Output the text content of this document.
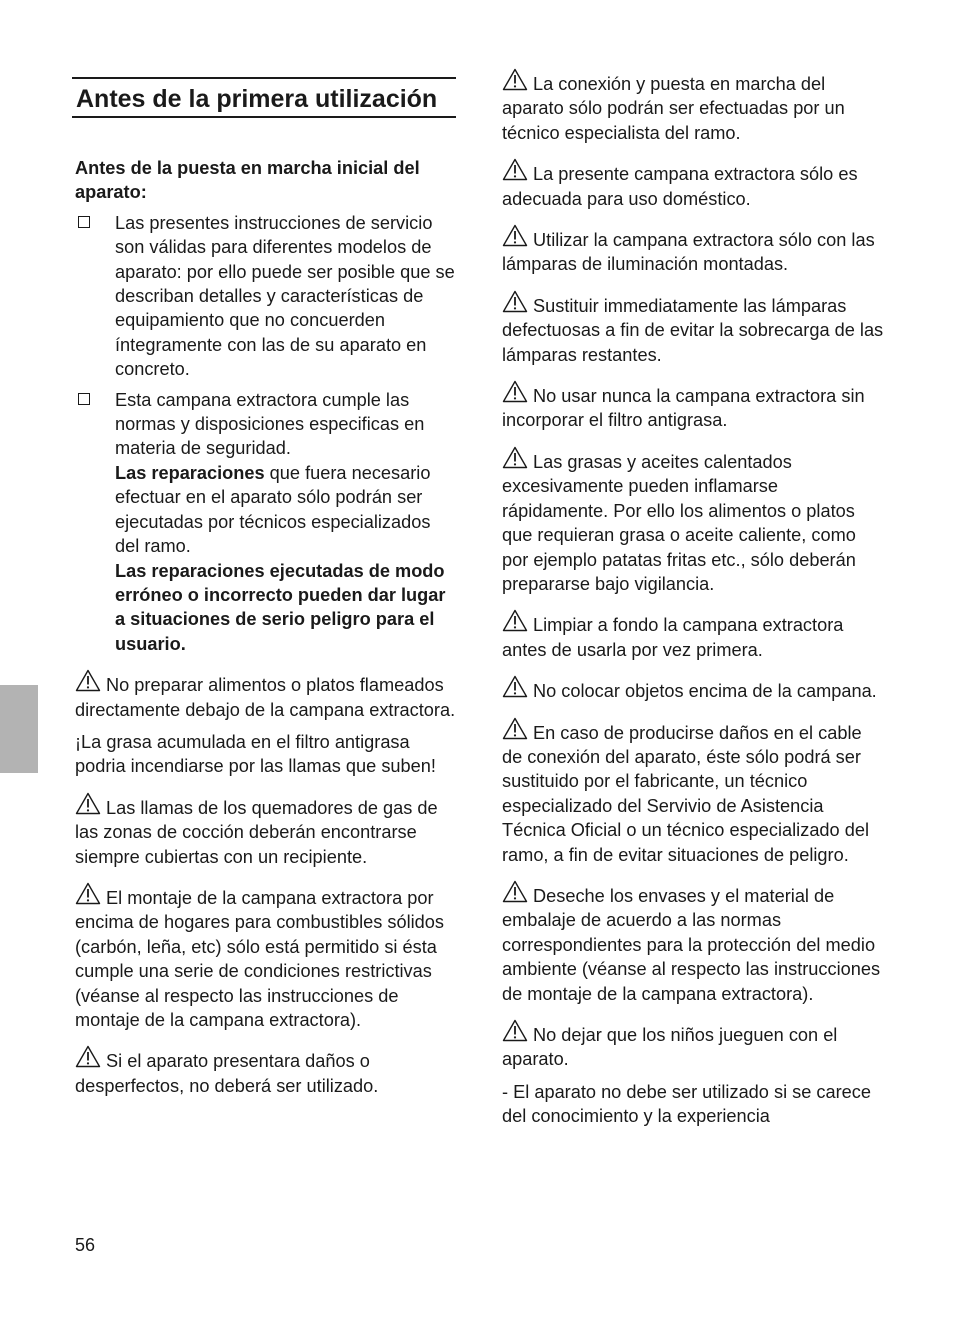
Antes de la primera utilización

Antes de la puesta en marcha inicial del aparato:

Las presentes instrucciones de servicio son válidas para diferentes modelos de aparato: por ello puede ser posible que se describan detalles y características de equipamiento que no concuerden íntegramente con las de su aparato en concreto.

Esta campana extractora cumple las normas y disposiciones especificas en materia de seguridad.

Las reparaciones que fuera necesario efectuar en el aparato sólo podrán ser ejecutadas por técnicos especializados del ramo.

Las reparaciones ejecutadas de modo erróneo o incorrecto pueden dar lugar a situaciones de serio peligro para el usuario.

No preparar alimentos o platos flameados directamente debajo de la campana extractora.

¡La grasa acumulada en el filtro antigrasa podria incendiarse por las llamas que suben!

Las llamas de los quemadores de gas de las zonas de cocción deberán encontrarse siempre cubiertas con un recipiente.

El montaje de la campana extractora por encima de hogares para combustibles sólidos (carbón, leña, etc) sólo está permitido si ésta cumple una serie de condiciones restrictivas (véanse al respecto las instrucciones de montaje de la campana extractora).

Si el aparato presentara daños o desperfectos, no deberá ser utilizado.

La conexión y puesta en marcha del aparato sólo podrán ser efectuadas por un técnico especialista del ramo.

La presente campana extractora sólo es adecuada para uso doméstico.

Utilizar la campana extractora sólo con las lámparas de iluminación montadas.

Sustituir immediatamente las lámparas defectuosas a fin de evitar la sobrecarga de las lámparas restantes.

No usar nunca la campana extractora sin incorporar el filtro antigrasa.

Las grasas y aceites calentados excesivamente pueden inflamarse rápidamente. Por ello los alimentos o platos que requieran grasa o aceite caliente, como por ejemplo patatas fritas etc., sólo deberán prepararse bajo vigilancia.

Limpiar a fondo la campana extractora antes de usarla por vez primera.

No colocar objetos encima de la campana.

En caso de producirse daños en el cable de conexión del aparato, éste sólo podrá ser sustituido por el fabricante, un técnico especializado del Servivio de Asistencia Técnica Oficial o un técnico especializado del ramo, a fin de evitar situaciones de peligro.

Deseche los envases y el material de embalaje de acuerdo a las normas correspondientes para la protección del medio ambiente (véanse al respecto las instrucciones de montaje de la campana extractora).

No dejar que los niños jueguen con el aparato.

- El aparato no debe ser utilizado si se carece del conocimiento y la experiencia

56
